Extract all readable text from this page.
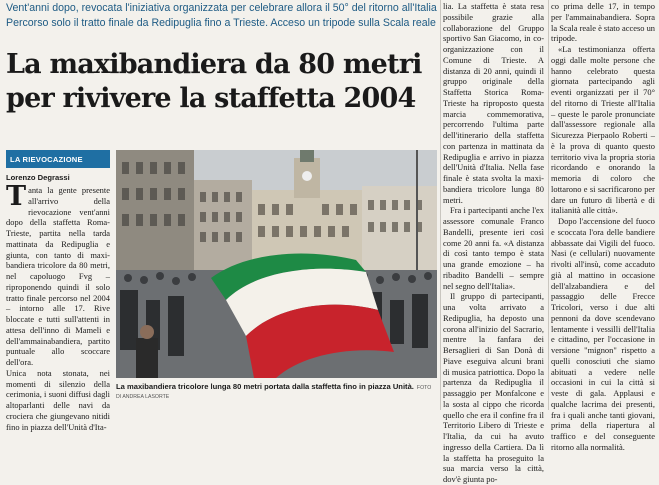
Vent'anni dopo, revocata l'iniziativa organizzata per celebrare allora il 50° del ritorno all'Italia Percorso solo il tratto finale da Redipuglia fino a Trieste. Acceso un tripode sulla Scala reale

La maxibandiera da 80 metri
per rivivere la staffetta 2004
LA RIEVOCAZIONE
Lorenzo Degrassi

Tanta la gente presente all'arrivo della rievocazione vent'anni dopo della staffetta Roma-Trieste, partita nella tarda mattinata da Redipuglia e giunta, con tanto di maxi-bandiera tricolore da 80 metri, nel capoluogo Fvg – riproponendo quindi il solo tratto finale percorso nel 2004 – intorno alle 17. Rive bloccate e tutti sull'attenti in attesa dell'inno di Mameli e dell'ammainabandiera, partito puntuale allo scoccare dell'ora.

Unica nota stonata, nei momenti di silenzio della cerimonia, i suoni diffusi dagli altoparlanti delle navi da crociera che giungevano nitidi fino in piazza dell'Unità d'Ita-

La maxibandiera tricolore lunga 80 metri portata dalla staffetta fino in piazza Unità. FOTO DI ANDREA LASORTE

lia. La staffetta è stata resa possibile grazie alla collaborazione del Gruppo sportivo San Giacomo, in co-organizzazione con il Comune di Trieste. A distanza di 20 anni, quindi il gruppo originale della Staffetta Storica Roma-Trieste ha riproposto questa marcia commemorativa, percorrendo l'ultima parte dell'itinerario della staffetta con partenza in mattinata da Redipuglia e arrivo in piazza dell'Unità d'Italia. Nella fase finale è stata svolta la maxi-bandiera tricolore lunga 80 metri.

Fra i partecipanti anche l'ex assessore comunale Franco Bandelli, presente ieri così come 20 anni fa. «A distanza di così tanto tempo è stata una grande emozione – ha ribadito Bandelli – sempre nel segno dell'Italia».

Il gruppo di partecipanti, una volta arrivato a Redipuglia, ha deposto una corona all'inizio del Sacrario, mentre la fanfara dei Bersaglieri di San Donà di Piave eseguiva alcuni brani di musica patriottica. Dopo la partenza da Redipuglia il passaggio per Monfalcone e la sosta al cippo che ricorda quello che era il confine fra il Territorio Libero di Trieste e l'Italia, da cui ha avuto ingresso della Cartiera. Da lì la staffetta ha proseguito la sua marcia verso la città, dov'è giunta po-

co prima delle 17, in tempo per l'ammainabandiera. Sopra la Scala reale è stato acceso un tripode.

«La testimonianza offerta oggi dalle molte persone che hanno celebrato questa giornata partecipando agli eventi organizzati per il 70° del ritorno di Trieste all'Italia – queste le parole pronunciate dall'assessore regionale alla Sicurezza Pierpaolo Roberti – è la prova di quanto questo territorio viva la propria storia ricordando e onorando la memoria di coloro che lottarono e si sacrificarono per dare un futuro di libertà e di italianità alle città».

Dopo l'accensione del fuoco e scoccata l'ora delle bandiere abbassate dai Vigili del fuoco. Nasi (e cellulari) nuovamente rivolti all'insù, come accaduto già al mattino in occasione dell'alzabandiera e del passaggio delle Frecce Tricolori, verso i due alti pennoni da dove scendevano lentamente i vessilli dell'Italia e cittadino, per l'occasione in versione "mignon" rispetto a quelli conosciuti che siamo abituati a vedere nelle occasioni in cui la città si veste di gala. Applausi e qualche lacrima dei presenti, fra i quali anche tanti giovani, prima della riapertura al traffico e del conseguente ritorno alla normalità.
